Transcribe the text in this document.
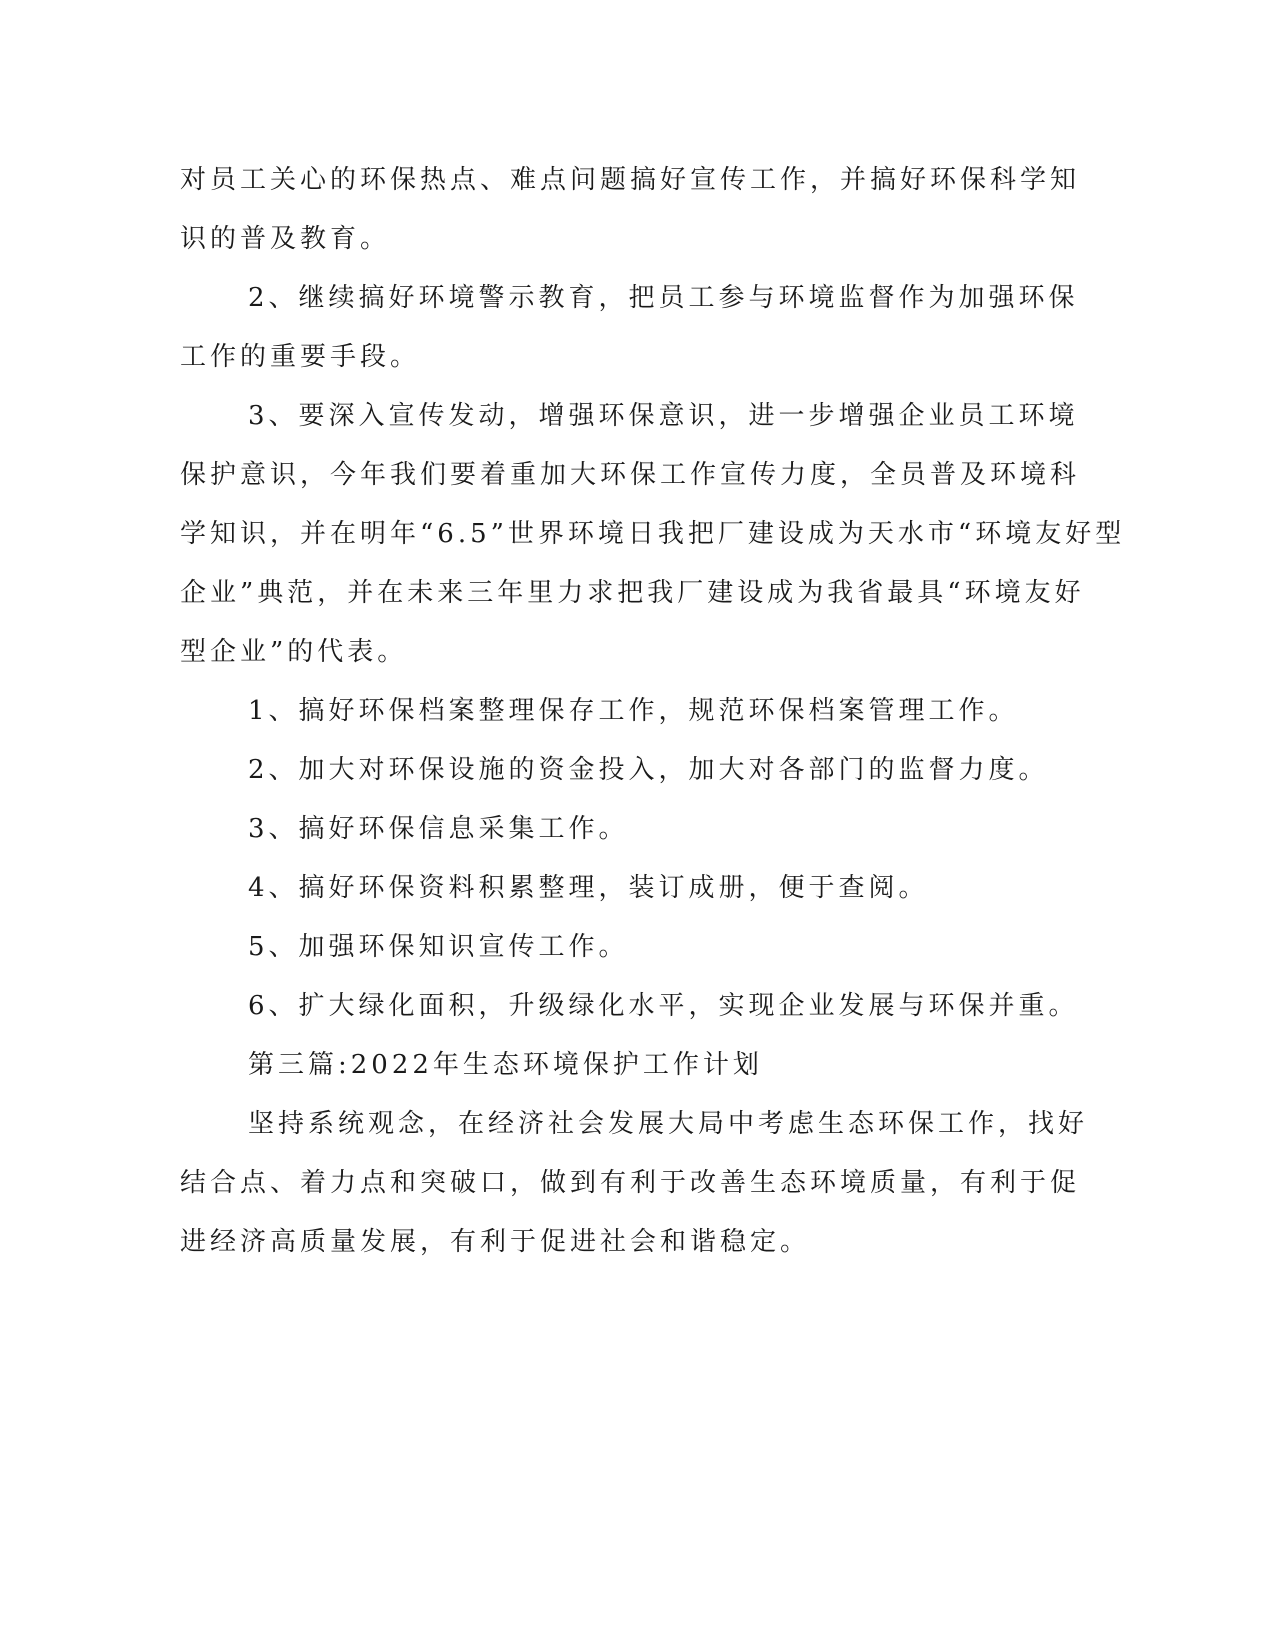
对员工关心的环保热点、难点问题搞好宣传工作，并搞好环保科学知
识的普及教育。
2、继续搞好环境警示教育，把员工参与环境监督作为加强环保
工作的重要手段。
3、要深入宣传发动，增强环保意识，进一步增强企业员工环境
保护意识，今年我们要着重加大环保工作宣传力度，全员普及环境科
学知识，并在明年“6.5”世界环境日我把厂建设成为天水市“环境友好型
企业”典范，并在未来三年里力求把我厂建设成为我省最具“环境友好
型企业”的代表。
1、搞好环保档案整理保存工作，规范环保档案管理工作。
2、加大对环保设施的资金投入，加大对各部门的监督力度。
3、搞好环保信息采集工作。
4、搞好环保资料积累整理，装订成册，便于查阅。
5、加强环保知识宣传工作。
6、扩大绿化面积，升级绿化水平，实现企业发展与环保并重。
第三篇:2022年生态环境保护工作计划
坚持系统观念，在经济社会发展大局中考虑生态环保工作，找好
结合点、着力点和突破口，做到有利于改善生态环境质量，有利于促
进经济高质量发展，有利于促进社会和谐稳定。
